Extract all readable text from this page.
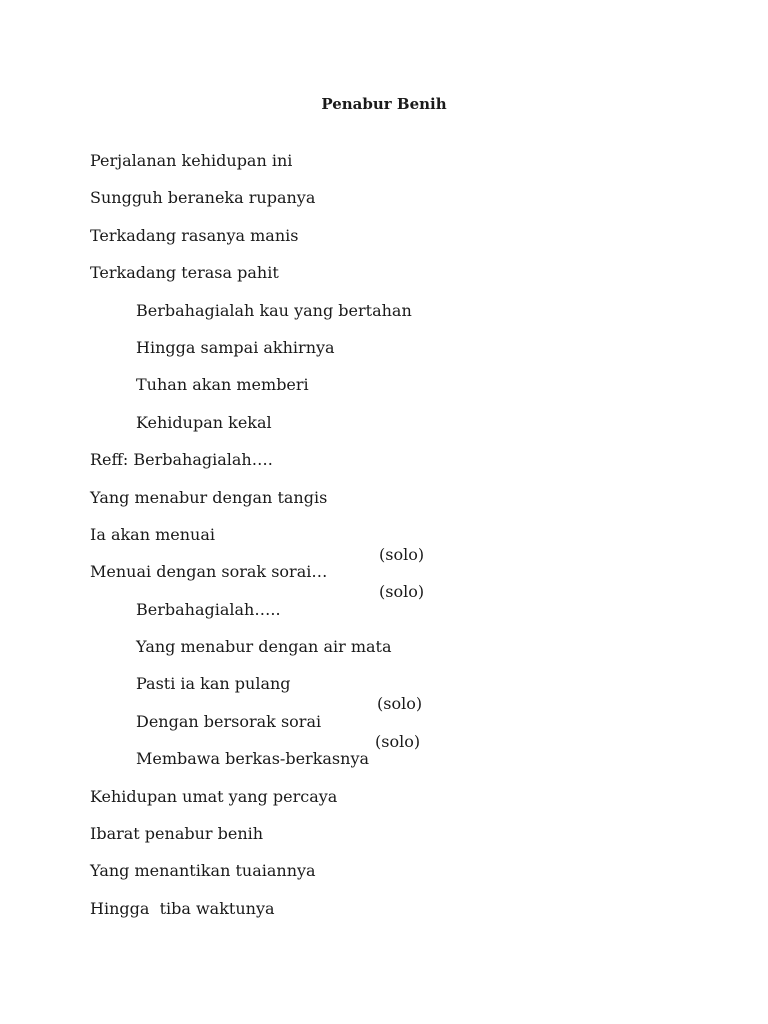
Penabur Benih

Perjalanan kehidupan ini

Sungguh beraneka rupanya

Terkadang rasanya manis

Terkadang terasa pahit

Berbahagialah kau yang bertahan

Hingga sampai akhirnya

Tuhan akan memberi

Kehidupan kekal

Reff: Berbahagialah….

Yang menabur dengan tangis

Ia akan menuai

(solo)

Menuai dengan sorak sorai…

(solo)

Berbahagialah…..

Yang menabur dengan air mata

Pasti ia kan pulang

(solo)

Dengan bersorak sorai

(solo)

Membawa berkas-berkasnya

Kehidupan umat yang percaya

Ibarat penabur benih

Yang menantikan tuaiannya

Hingga  tiba waktunya
